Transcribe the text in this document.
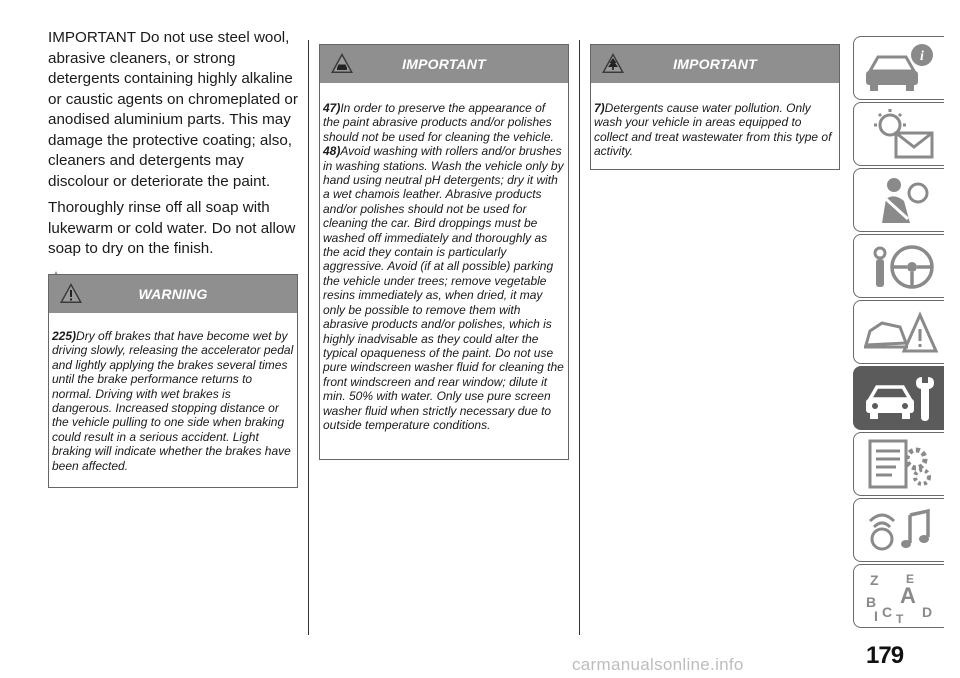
IMPORTANT Do not use steel wool, abrasive cleaners, or strong detergents containing highly alkaline or caustic agents on chromeplated or anodised aluminium parts. This may damage the protective coating; also, cleaners and detergents may discolour or deteriorate the paint.

Thoroughly rinse off all soap with lukewarm or cold water. Do not allow soap to dry on the finish.

WARNING

225)Dry off brakes that have become wet by driving slowly, releasing the accelerator pedal and lightly applying the brakes several times until the brake performance returns to normal. Driving with wet brakes is dangerous. Increased stopping distance or the vehicle pulling to one side when braking could result in a serious accident. Light braking will indicate whether the brakes have been affected.

IMPORTANT

47)In order to preserve the appearance of the paint abrasive products and/or polishes should not be used for cleaning the vehicle.

48)Avoid washing with rollers and/or brushes in washing stations. Wash the vehicle only by hand using neutral pH detergents; dry it with a wet chamois leather. Abrasive products and/or polishes should not be used for cleaning the car. Bird droppings must be washed off immediately and thoroughly as the acid they contain is particularly aggressive. Avoid (if at all possible) parking the vehicle under trees; remove vegetable resins immediately as, when dried, it may only be possible to remove them with abrasive products and/or polishes, which is highly inadvisable as they could alter the typical opaqueness of the paint. Do not use pure windscreen washer fluid for cleaning the front windscreen and rear window; dilute it min. 50% with water. Only use pure screen washer fluid when strictly necessary due to outside temperature conditions.

IMPORTANT

7)Detergents cause water pollution. Only wash your vehicle in areas equipped to collect and treat wastewater from this type of activity.

i
Z E
A
B
C D
T
I
179
carmanualsonline.info
